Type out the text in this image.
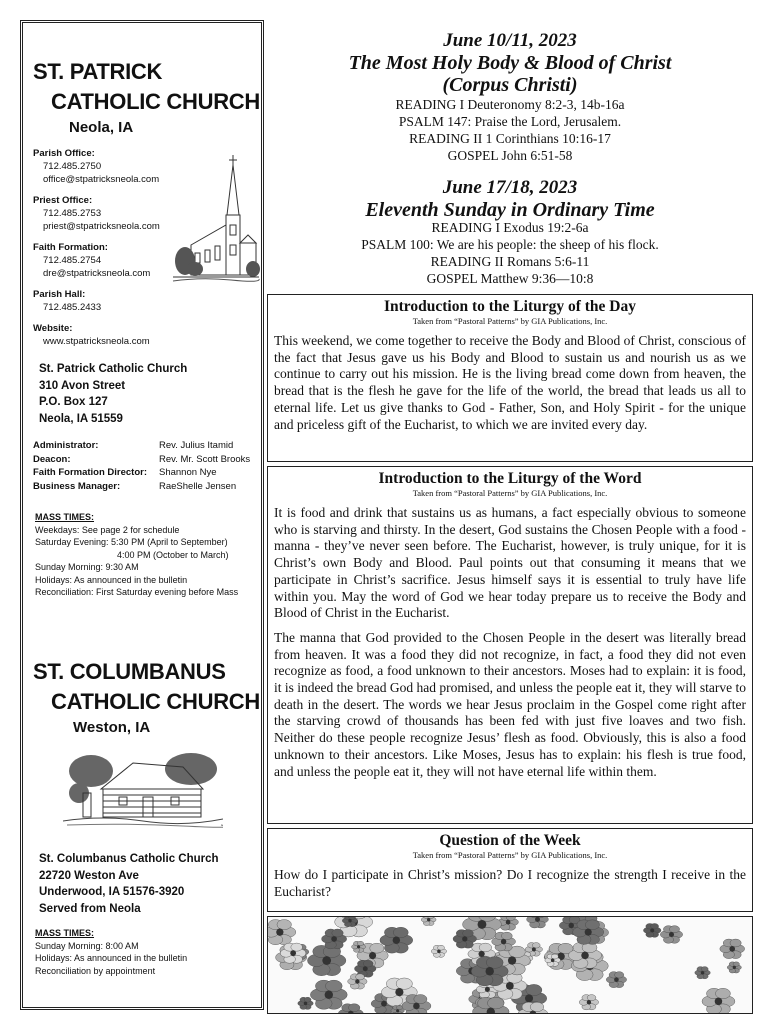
ST. PATRICK
CATHOLIC CHURCH
Neola, IA
Parish Office:
712.485.2750
office@stpatricksneola.com
Priest Office:
712.485.2753
priest@stpatricksneola.com
Faith Formation:
712.485.2754
dre@stpatricksneola.com
Parish Hall:
712.485.2433
Website:
www.stpatricksneola.com
St. Patrick Catholic Church
310 Avon Street
P.O. Box 127
Neola, IA 51559
Administrator:	Rev. Julius Itamid
Deacon:	Rev. Mr. Scott Brooks
Faith Formation Director:	Shannon Nye
Business Manager:	RaeShelle Jensen
MASS TIMES:
Weekdays: See page 2 for schedule
Saturday Evening: 5:30 PM (April to September)
4:00 PM (October to March)
Sunday Morning: 9:30 AM
Holidays: As announced in the bulletin
Reconciliation: First Saturday evening before Mass
ST. COLUMBANUS
CATHOLIC CHURCH
Weston, IA
St. Columbanus Catholic Church
22720 Weston Ave
Underwood, IA 51576-3920
Served from Neola
MASS TIMES:
Sunday Morning: 8:00 AM
Holidays: As announced in the bulletin
Reconciliation by appointment
June 10/11, 2023
The Most Holy Body & Blood of Christ
(Corpus Christi)
READING I Deuteronomy 8:2-3, 14b-16a
PSALM 147: Praise the Lord, Jerusalem.
READING II 1 Corinthians 10:16-17
GOSPEL John 6:51-58
June 17/18, 2023
Eleventh Sunday in Ordinary Time
READING I Exodus 19:2-6a
PSALM 100: We are his people: the sheep of his flock.
READING II Romans 5:6-11
GOSPEL Matthew 9:36—10:8
Introduction to the Liturgy of the Day
Taken from “Pastoral Patterns” by GIA Publications, Inc.

This weekend, we come together to receive the Body and Blood of Christ, conscious of the fact that Jesus gave us his Body and Blood to sustain us and nourish us as we continue to carry out his mission. He is the living bread come down from heaven, the bread that is the flesh he gave for the life of the world, the bread that leads us all to eternal life. Let us give thanks to God - Father, Son, and Holy Spirit - for the unique and priceless gift of the Eucharist, to which we are invited every day.

Introduction to the Liturgy of the Word
Taken from “Pastoral Patterns” by GIA Publications, Inc.

It is food and drink that sustains us as humans, a fact especially obvious to someone who is starving and thirsty. In the desert, God sustains the Chosen People with a food - manna - they’ve never seen before. The Eucharist, however, is truly unique, for it is Christ’s own Body and Blood. Paul points out that consuming it means that we participate in Christ’s sacrifice. Jesus himself says it is essential to truly have life within you. May the word of God we hear today prepare us to receive the Body and Blood of Christ in the Eucharist.

The manna that God provided to the Chosen People in the desert was literally bread from heaven. It was a food they did not recognize, in fact, a food they did not even recognize as food, a food unknown to their ancestors. Moses had to explain: it is food, it is indeed the bread God had promised, and unless the people eat it, they will starve to death in the desert. The words we hear Jesus proclaim in the Gospel come right after the starving crowd of thousands has been fed with just five loaves and two fish. Neither do these people recognize Jesus’ flesh as food. Obviously, this is also a food unknown to their ancestors. Like Moses, Jesus has to explain: his flesh is true food, and unless the people eat it, they will not have eternal life within them.

Question of the Week
Taken from “Pastoral Patterns” by GIA Publications, Inc.

How do I participate in Christ’s mission? Do I recognize the strength I receive in the Eucharist?
